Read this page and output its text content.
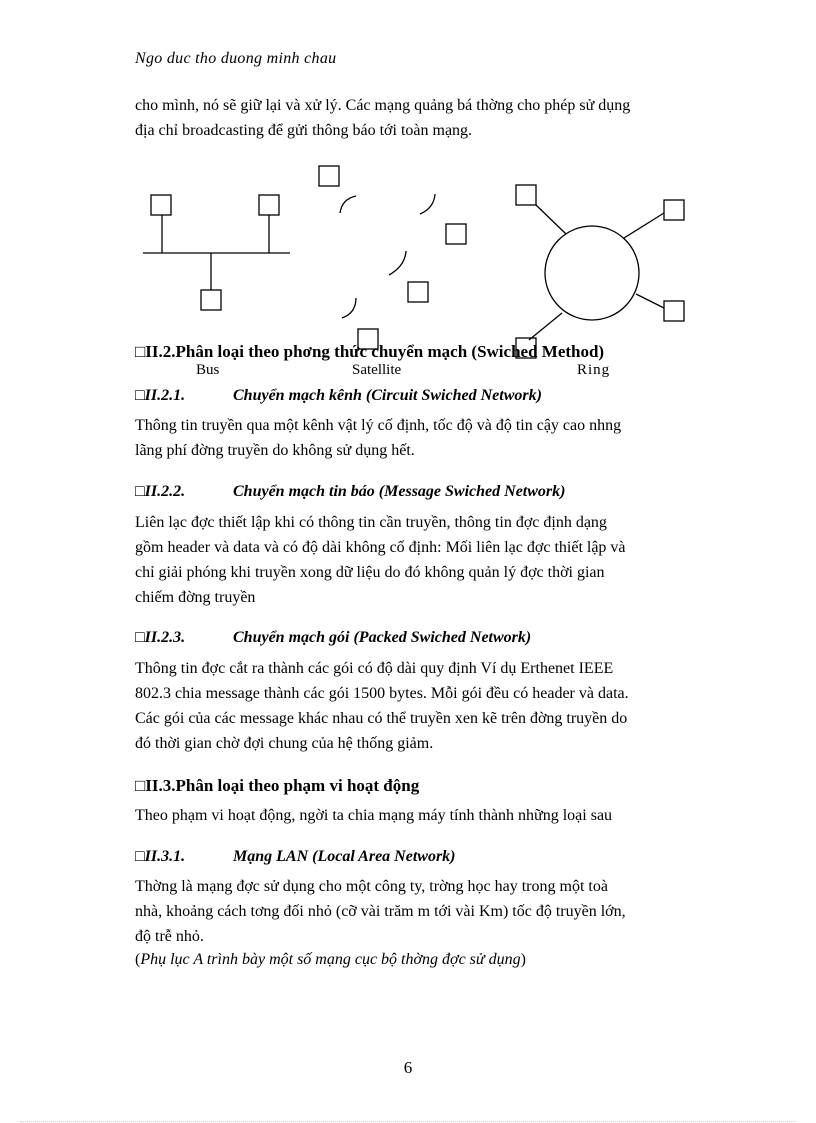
Ngo duc tho duong minh chau
cho mình, nó sẽ giữ lại và xử lý. Các mạng quảng bá thờng cho phép sử dụng
địa chỉ broadcasting để gửi thông báo tới toàn mạng.
□II.2.Phân loại theo phơng thức chuyển mạch (Swiched Method)
Bus	Satellite	Ring
□II.2.1.	Chuyển mạch kênh (Circuit Swiched Network)
Thông tin truyền qua một kênh vật lý cố định, tốc độ và độ tin cậy cao nhng
lãng phí đờng truyền do không sử dụng hết.
□II.2.2.	Chuyển mạch tin báo (Message Swiched Network)
Liên lạc đợc thiết lập khi có thông tin cần truyền, thông tin đợc định dạng
gồm header và data và có độ dài không cố định: Mối liên lạc đợc thiết lập và
chỉ giải phóng khi truyền xong dữ liệu do đó không quản lý đợc thời gian
chiếm đờng truyền
□II.2.3.	Chuyển mạch gói (Packed Swiched Network)
Thông tin đợc cắt ra thành các gói có độ dài quy định Ví dụ Erthenet IEEE
802.3 chia message thành các gói 1500 bytes. Mỗi gói đều có header và data.
Các gói của các message khác nhau có thể truyền xen kẽ trên đờng truyền do
đó thời gian chờ đợi chung của hệ thống giảm.
□II.3.Phân loại theo phạm vi hoạt động
Theo phạm vi hoạt động, ngời ta chia mạng máy tính thành những loại sau
□II.3.1.	Mạng LAN (Local Area Network)
Thờng là mạng đợc sử dụng cho một công ty, trờng học hay trong một toà
nhà, khoảng cách tơng đối nhỏ (cỡ vài trăm m tới vài Km) tốc độ truyền lớn,
độ trễ nhỏ.
(Phụ lục A trình bày một số mạng cục bộ thờng đợc sử dụng)
6
